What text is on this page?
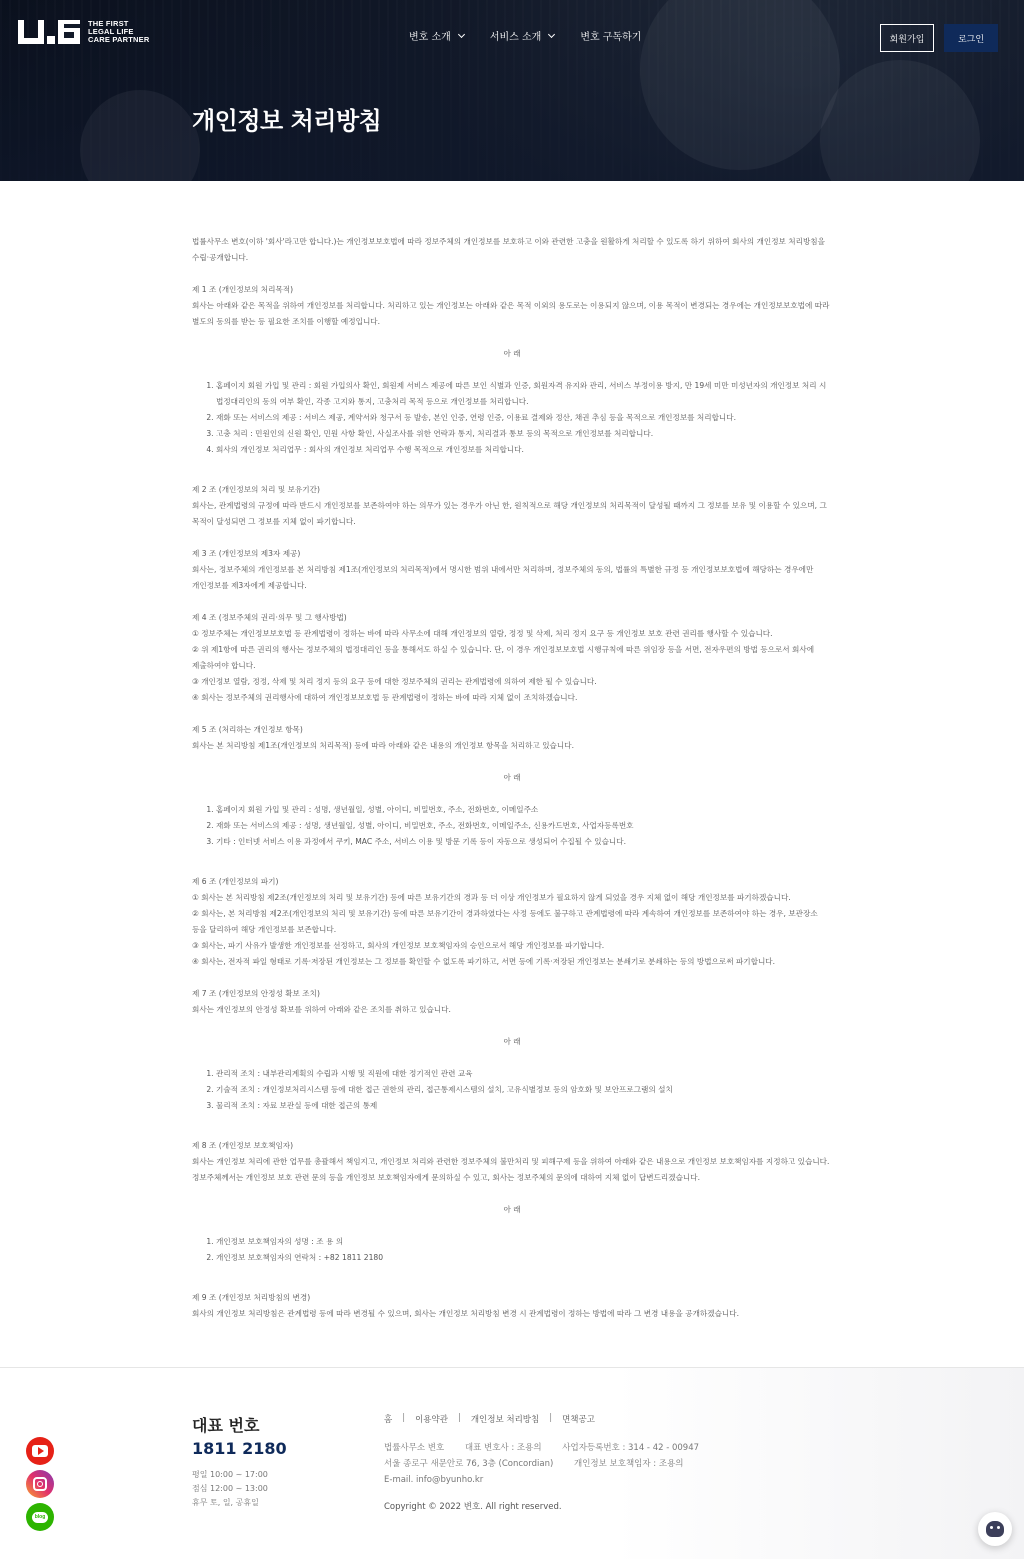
THE FIRST
LEGAL LIFE
CARE PARTNER	변호 소개	서비스 소개	변호 구독하기	회원가입	로그인
개인정보 처리방침

법률사무소 변호(이하 '회사'라고만 합니다.)는 개인정보보호법에 따라 정보주체의 개인정보를 보호하고 이와 관련한 고충을 원활하게 처리할 수 있도록 하기 위하여 회사의 개인정보 처리방침을

수립·공개합니다.

제 1 조 (개인정보의 처리목적)

회사는 아래와 같은 목적을 위하여 개인정보를 처리합니다. 처리하고 있는 개인정보는 아래와 같은 목적 이외의 용도로는 이용되지 않으며, 이용 목적이 변경되는 경우에는 개인정보보호법에 따라

별도의 동의를 받는 등 필요한 조치를 이행할 예정입니다.

아 래

1. 홈페이지 회원 가입 및 관리 : 회원 가입의사 확인, 회원제 서비스 제공에 따른 보인 식별과 인증, 회원자격 유지와 관리, 서비스 부정이용 방지, 만 19세 미만 미성년자의 개인정보 처리 시 법정대리인의 동의 여부 확인, 각종 고지와 통지, 고충처리 목적 등으로 개인정보를 처리합니다.
2. 재화 또는 서비스의 제공 : 서비스 제공, 계약서와 청구서 등 발송, 본인 인증, 연령 인증, 이용료 결제와 정산, 채권 추심 등을 목적으로 개인정보를 처리합니다.
3. 고충 처리 : 민원인의 신원 확인, 민원 사항 확인, 사실조사를 위한 연락과 통지, 처리결과 통보 등의 목적으로 개인정보를 처리합니다.
4. 회사의 개인정보 처리업무 : 회사의 개인정보 처리업무 수행 목적으로 개인정보를 처리합니다.

제 2 조 (개인정보의 처리 및 보유기간)

회사는, 관계법령의 규정에 따라 반드시 개인정보를 보존하여야 하는 의무가 있는 경우가 아닌 한, 원칙적으로 해당 개인정보의 처리목적이 달성될 때까지 그 정보를 보유 및 이용할 수 있으며, 그

목적이 달성되면 그 정보를 지체 없이 파기합니다.

제 3 조 (개인정보의 제3자 제공)

회사는, 정보주체의 개인정보를 본 처리방침 제1조(개인정보의 처리목적)에서 명시한 범위 내에서만 처리하며, 정보주체의 동의, 법률의 특별한 규정 등 개인정보보호법에 해당하는 경우에만

개인정보를 제3자에게 제공합니다.

제 4 조 (정보주체의 권리·의무 및 그 행사방법)

① 정보주체는 개인정보보호법 등 관계법령이 정하는 바에 따라 사무소에 대해 개인정보의 열람, 정정 및 삭제, 처리 정지 요구 등 개인정보 보호 관련 권리를 행사할 수 있습니다.

② 위 제1항에 따른 권리의 행사는 정보주체의 법정대리인 등을 통해서도 하실 수 있습니다. 단, 이 경우 개인정보보호법 시행규칙에 따른 위임장 등을 서면, 전자우편의 방법 등으로서 회사에

제출하여야 합니다.

③ 개인정보 열람, 정정, 삭제 및 처리 정지 등의 요구 등에 대한 정보주체의 권리는 관계법령에 의하여 제한 될 수 있습니다.

④ 회사는 정보주체의 권리행사에 대하여 개인정보보호법 등 관계법령이 정하는 바에 따라 지체 없이 조치하겠습니다.

제 5 조 (처리하는 개인정보 항목)

회사는 본 처리방침 제1조(개인정보의 처리목적) 등에 따라 아래와 같은 내용의 개인정보 항목을 처리하고 있습니다.

아 래

1. 홈페이지 회원 가입 및 관리 : 성명, 생년월일, 성별, 아이디, 비밀번호, 주소, 전화번호, 이메일주소
2. 재화 또는 서비스의 제공 : 성명, 생년월일, 성별, 아이디, 비밀번호, 주소, 전화번호, 이메일주소, 신용카드번호, 사업자등록번호
3. 기타 : 인터넷 서비스 이용 과정에서 쿠키, MAC 주소, 서비스 이용 및 방문 기록 등이 자동으로 생성되어 수집될 수 있습니다.

제 6 조 (개인정보의 파기)

① 회사는 본 처리방침 제2조(개인정보의 처리 및 보유기간) 등에 따른 보유기간의 경과 등 더 이상 개인정보가 필요하지 않게 되었을 경우 지체 없이 해당 개인정보를 파기하겠습니다.

② 회사는, 본 처리방침 제2조(개인정보의 처리 및 보유기간) 등에 따른 보유기간이 경과하였다는 사정 등에도 불구하고 관계법령에 따라 계속하여 개인정보를 보존하여야 하는 경우, 보관장소

등을 달리하여 해당 개인정보를 보존합니다.

③ 회사는, 파기 사유가 발생한 개인정보를 선정하고, 회사의 개인정보 보호책임자의 승인으로서 해당 개인정보를 파기합니다.

④ 회사는, 전자적 파일 형태로 기록·저장된 개인정보는 그 정보를 확인할 수 없도록 파기하고, 서면 등에 기록·저장된 개인정보는 분쇄기로 분쇄하는 등의 방법으로써 파기합니다.

제 7 조 (개인정보의 안정성 확보 조치)

회사는 개인정보의 안정성 확보를 위하여 아래와 같은 조치를 취하고 있습니다.

아 래

1. 관리적 조치 : 내부관리계획의 수립과 시행 및 직원에 대한 정기적인 관련 교육
2. 기술적 조치 : 개인정보처리시스템 등에 대한 접근 권한의 관리, 접근통제시스템의 설치, 고유식별정보 등의 암호화 및 보안프로그램의 설치
3. 물리적 조치 : 자료 보관실 등에 대한 접근의 통제

제 8 조 (개인정보 보호책임자)

회사는 개인정보 처리에 관한 업무를 총괄해서 책임지고, 개인정보 처리와 관련한 정보주체의 불만처리 및 피해구제 등을 위하여 아래와 같은 내용으로 개인정보 보호책임자를 지정하고 있습니다.

정보주체께서는 개인정보 보호 관련 문의 등을 개인정보 보호책임자에게 문의하실 수 있고, 회사는 정보주체의 문의에 대하여 지체 없이 답변드리겠습니다.

아 래

1. 개인정보 보호책임자의 성명 : 조 용 의
2. 개인정보 보호책임자의 연락처 : +82 1811 2180

제 9 조 (개인정보 처리방침의 변경)

회사의 개인정보 처리방침은 관계법령 등에 따라 변경될 수 있으며, 회사는 개인정보 처리방침 변경 시 관계법령이 정하는 방법에 따라 그 변경 내용을 공개하겠습니다.

대표 번호
1811 2180
평일 10:00 ~ 17:00
점심 12:00 ~ 13:00
휴무 토, 일, 공휴일
홈 | 이용약관 | 개인정보 처리방침 | 면책공고
법률사무소 변호 대표 변호사 : 조용의 사업자등록번호 : 314 - 42 - 00947
서울 종로구 새문안로 76, 3층 (Concordian) 개인정보 보호책임자 : 조용의
E-mail. info@byunho.kr
Copyright © 2022 변호. All right reserved.
blog
